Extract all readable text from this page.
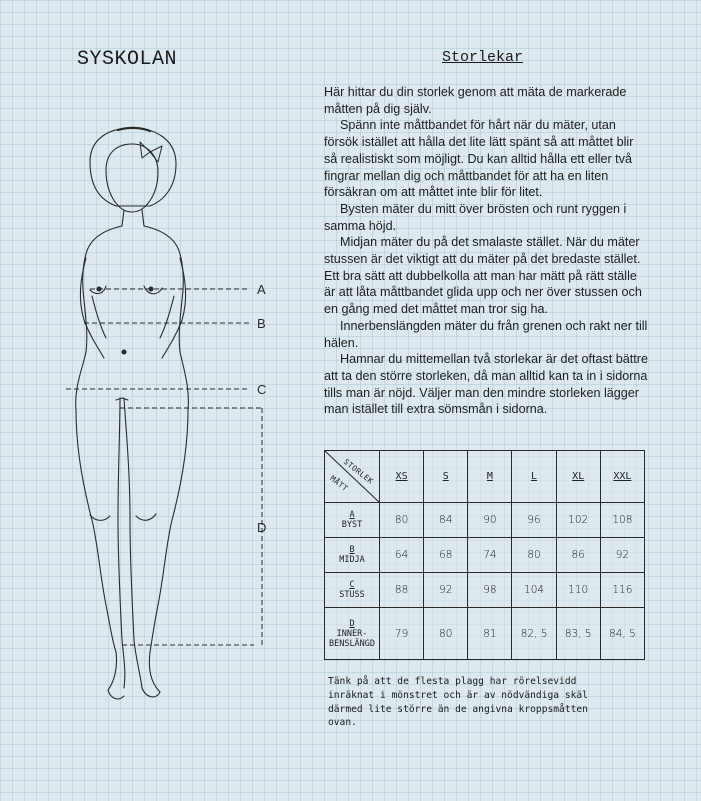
SYSKOLAN	Storlekar

Här hittar du din storlek genom att mäta de markerade måtten på dig själv.

Spänn inte måttbandet för hårt när du mäter, utan försök istället att hålla det lite lätt spänt så att måttet blir så realistiskt som möjligt. Du kan alltid hålla ett eller två fingrar mellan dig och måttbandet för att ha en liten försäkran om att måttet inte blir för litet.

Bysten mäter du mitt över brösten och runt ryggen i samma höjd.

Midjan mäter du på det smalaste stället. När du mäter stussen är det viktigt att du mäter på det bredaste stället. Ett bra sätt att dubbelkolla att man har mätt på rätt ställe är att låta måttbandet glida upp och ner över stussen och en gång med det måttet man tror sig ha.

Innerbenslängden mäter du från grenen och rakt ner till hälen.

Hamnar du mittemellan två storlekar är det oftast bättre att ta den större storleken, då man alltid kan ta in i sidorna tills man är nöjd. Väljer man den mindre storleken lägger man istället till extra sömsmån i sidorna.

A
B
C
D
STORLEK
MÅTT	XS	S	M	L	XL	XXL

A
BYST	80	84	90	96	102	108

B
MIDJA	64	68	74	80	86	92

C
STUSS	88	92	98	104	110	116

D
INNER-
BENSLÄNGD	79	80	81	82, 5	83, 5	84, 5
Tänk på att de flesta plagg har rörelsevidd
inräknat i mönstret och är av nödvändiga skäl
därmed lite större än de angivna kroppsmåtten
ovan.
